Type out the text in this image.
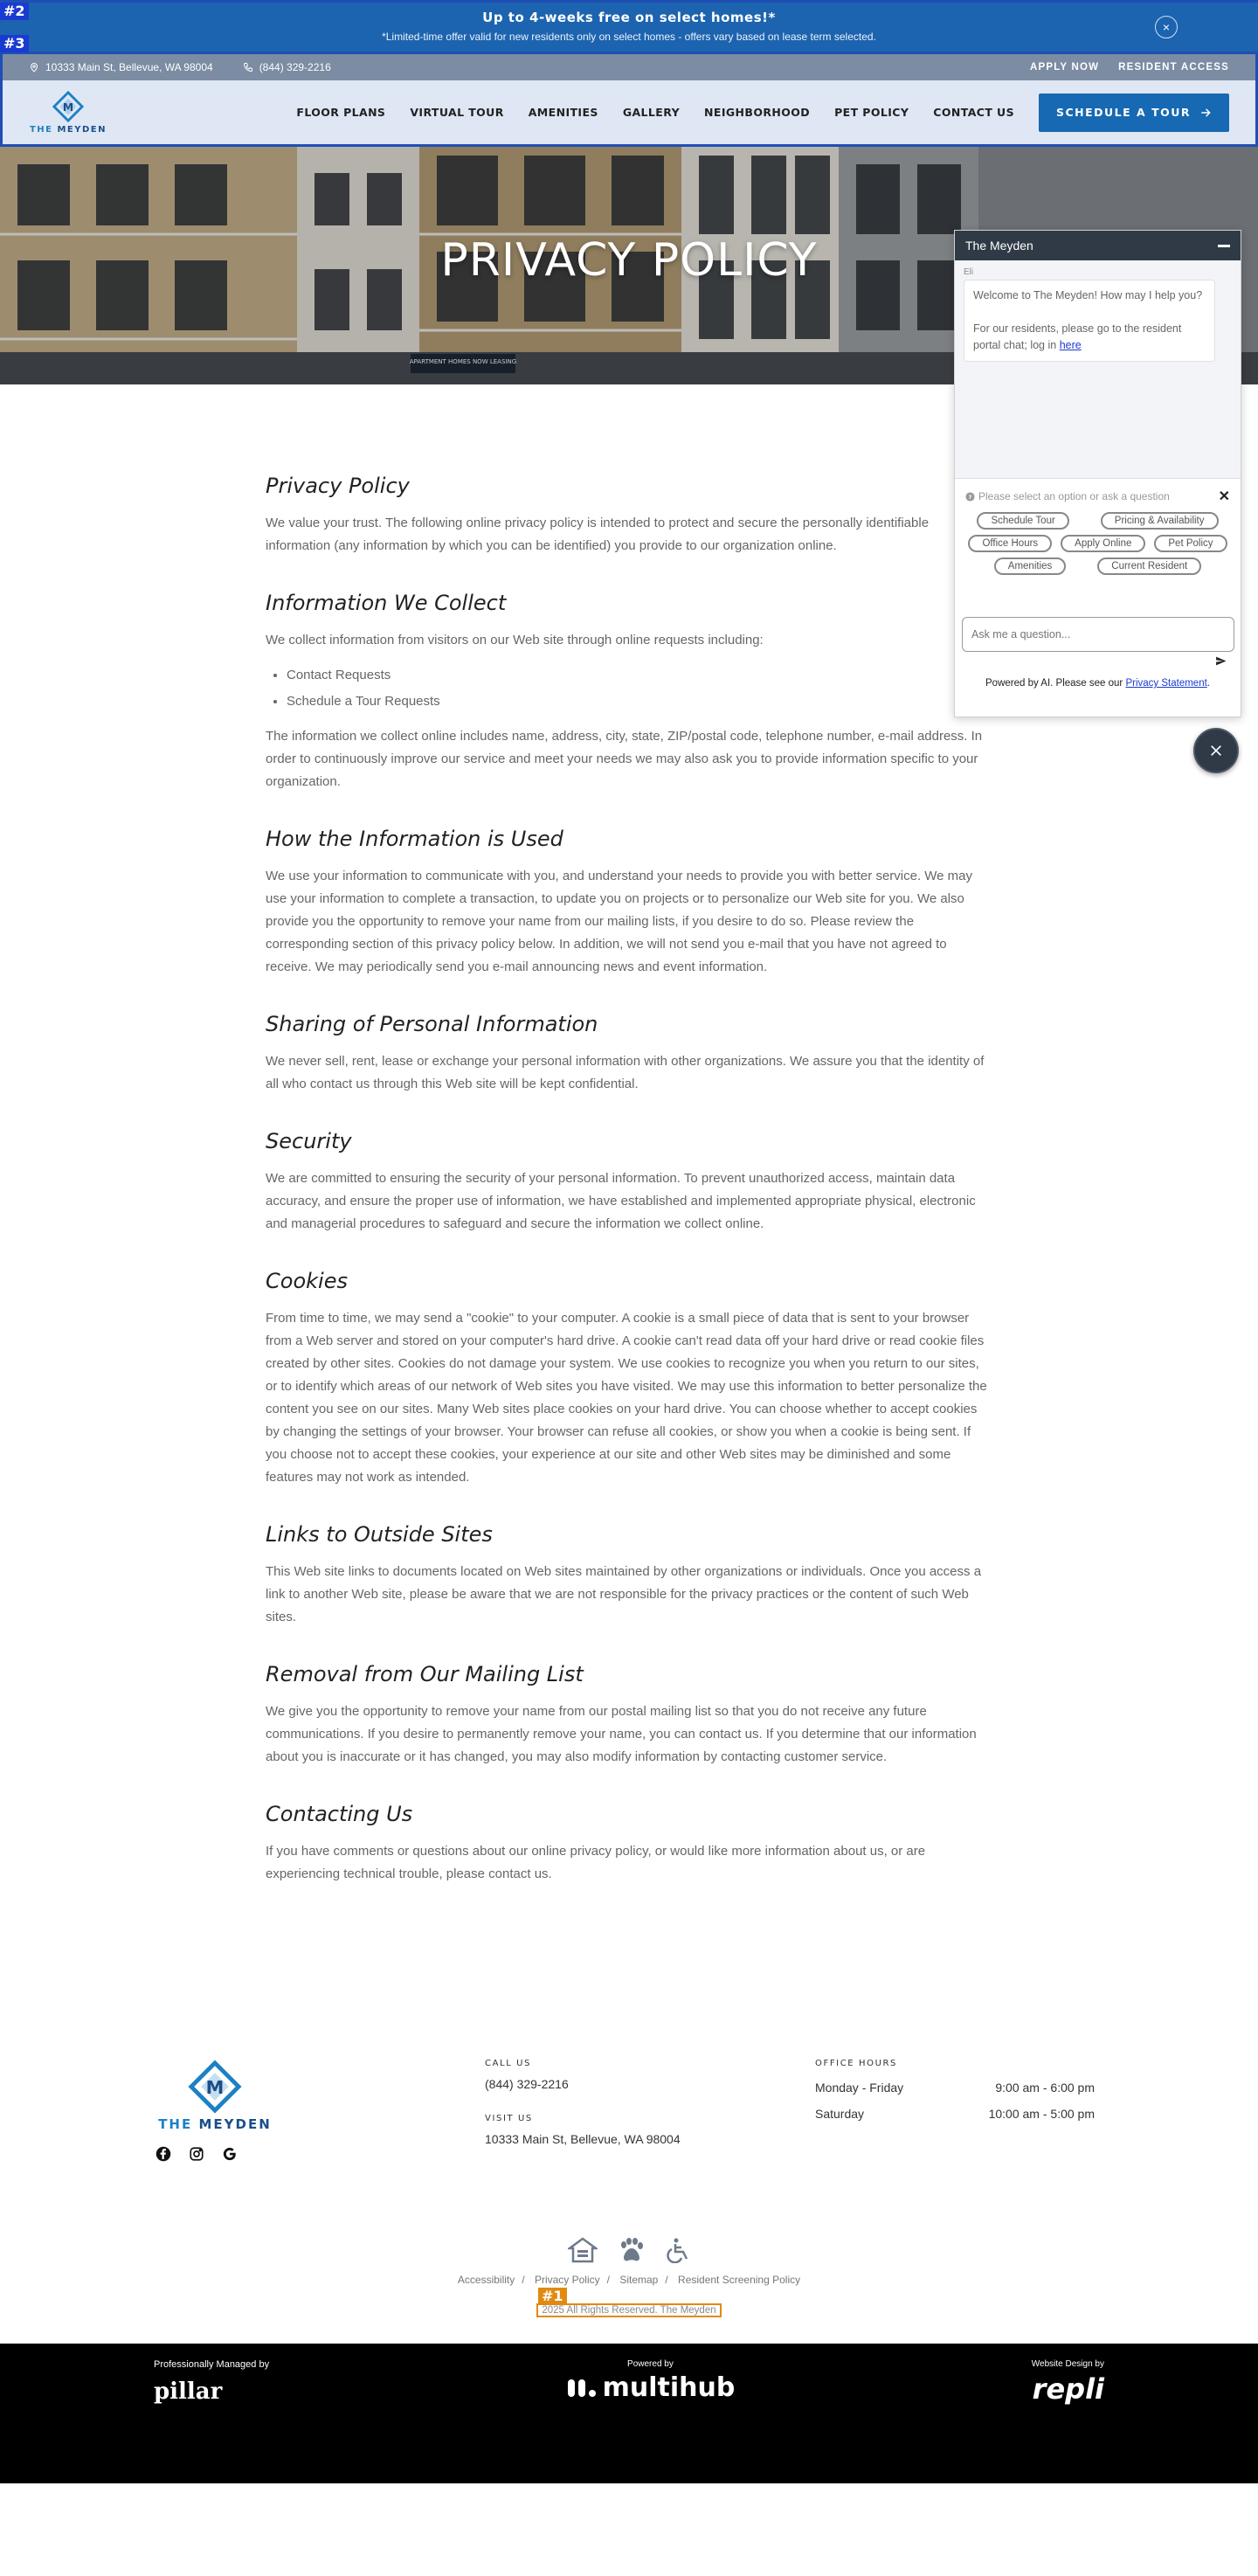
#2	Up to 4-weeks free on select homes!*
*Limited-time offer valid for new residents only on select homes - offers vary based on lease term selected.
×
#3
10333 Main St, Bellevue, WA 98004	(844) 329-2216	APPLY NOW RESIDENT ACCESS
M
THE MEYDEN
FLOOR PLANS VIRTUAL TOUR AMENITIES GALLERY NEIGHBORHOOD PET POLICY CONTACT US	SCHEDULE A TOUR
APARTMENT HOMES NOW LEASING
PRIVACY POLICY
Privacy Policy

We value your trust. The following online privacy policy is intended to protect and secure the personally identifiable information (any information by which you can be identified) you provide to our organization online.

Information We Collect

We collect information from visitors on our Web site through online requests including:

• Contact Requests
• Schedule a Tour Requests

The information we collect online includes name, address, city, state, ZIP/postal code, telephone number, e-mail address. In order to continuously improve our service and meet your needs we may also ask you to provide information specific to your organization.

How the Information is Used

We use your information to communicate with you, and understand your needs to provide you with better service. We may use your information to complete a transaction, to update you on projects or to personalize our Web site for you. We also provide you the opportunity to remove your name from our mailing lists, if you desire to do so. Please review the corresponding section of this privacy policy below. In addition, we will not send you e-mail that you have not agreed to receive. We may periodically send you e-mail announcing news and event information.

Sharing of Personal Information

We never sell, rent, lease or exchange your personal information with other organizations. We assure you that the identity of all who contact us through this Web site will be kept confidential.

Security

We are committed to ensuring the security of your personal information. To prevent unauthorized access, maintain data accuracy, and ensure the proper use of information, we have established and implemented appropriate physical, electronic and managerial procedures to safeguard and secure the information we collect online.

Cookies

From time to time, we may send a "cookie" to your computer. A cookie is a small piece of data that is sent to your browser from a Web server and stored on your computer's hard drive. A cookie can't read data off your hard drive or read cookie files created by other sites. Cookies do not damage your system. We use cookies to recognize you when you return to our sites, or to identify which areas of our network of Web sites you have visited. We may use this information to better personalize the content you see on our sites. Many Web sites place cookies on your hard drive. You can choose whether to accept cookies by changing the settings of your browser. Your browser can refuse all cookies, or show you when a cookie is being sent. If you choose not to accept these cookies, your experience at our site and other Web sites may be diminished and some features may not work as intended.

Links to Outside Sites

This Web site links to documents located on Web sites maintained by other organizations or individuals. Once you access a link to another Web site, please be aware that we are not responsible for the privacy practices or the content of such Web sites.

Removal from Our Mailing List

We give you the opportunity to remove your name from our postal mailing list so that you do not receive any future communications. If you desire to permanently remove your name, you can contact us. If you determine that our information about you is inaccurate or it has changed, you may also modify information by contacting customer service.

Contacting Us

If you have comments or questions about our online privacy policy, or would like more information about us, or are experiencing technical trouble, please contact us.

M
THE MEYDEN
CALL US
(844) 329-2216
VISIT US
10333 Main St, Bellevue, WA 98004
OFFICE HOURS
Monday - Friday	9:00 am - 6:00 pm
Saturday	10:00 am - 5:00 pm
Accessibility / Privacy Policy / Sitemap / Resident Screening Policy
#1
2025 All Rights Reserved. The Meyden
Professionally Managed by
pillar
Powered by
multihub
Website Design by
repli
The Meyden
Eli

Welcome to The Meyden! How may I help you?

For our residents, please go to the resident portal chat; log in here

? Please select an option or ask a question	✕
Schedule Tour	Pricing & Availability
Office Hours	Apply Online	Pet Policy
Amenities	Current Resident
Ask me a question...
Powered by AI. Please see our Privacy Statement.
